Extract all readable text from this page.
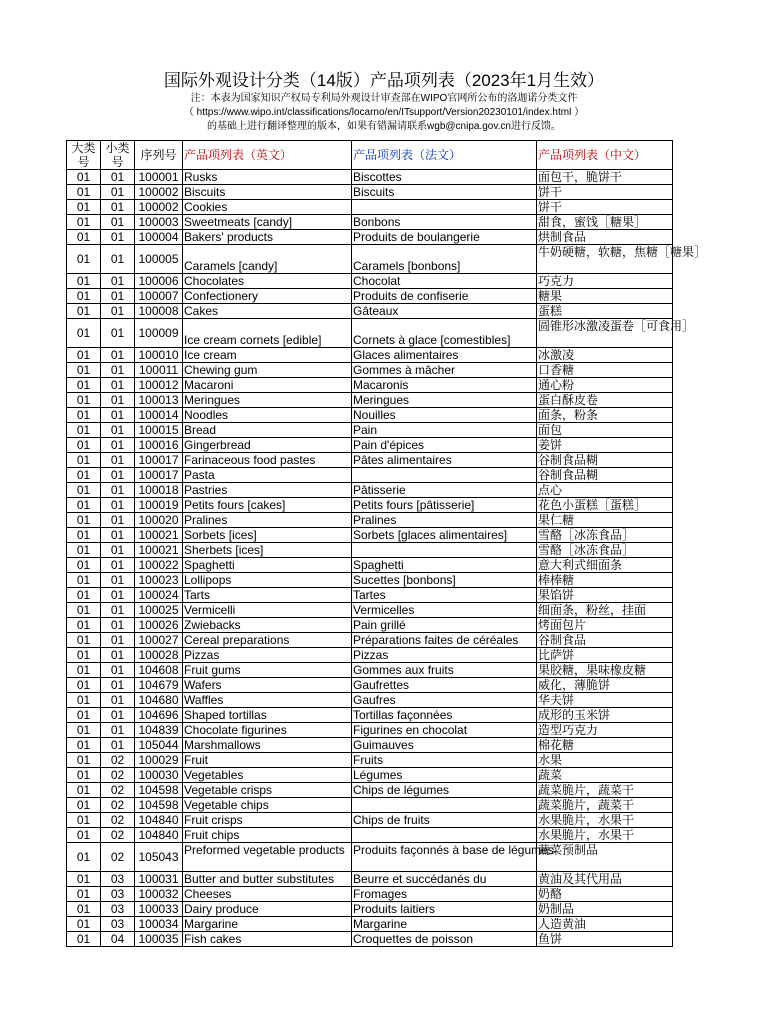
国际外观设计分类（14版）产品项列表（2023年1月生效）
注：本表为国家知识产权局专利局外观设计审查部在WIPO官网所公布的洛迦诺分类文件
（ https://www.wipo.int/classifications/locarno/en/ITsupport/Version20230101/index.html ）
的基础上进行翻译整理的版本，如果有错漏请联系wgb@cnipa.gov.cn进行反馈。
大类号	小类号	序列号	产品项列表（英文）	产品项列表（法文）	产品项列表（中文）
01	01	100001	Rusks	Biscottes	面包干，脆饼干
01	01	100002	Biscuits	Biscuits	饼干
01	01	100002	Cookies		饼干
01	01	100003	Sweetmeats [candy]	Bonbons	甜食，蜜饯［糖果］
01	01	100004	Bakers' products	Produits de boulangerie	烘制食品
01	01	100005	Caramels [candy]	Caramels [bonbons]	牛奶硬糖，软糖，焦糖［糖果］
01	01	100006	Chocolates	Chocolat	巧克力
01	01	100007	Confectionery	Produits de confiserie	糖果
01	01	100008	Cakes	Gâteaux	蛋糕
01	01	100009	Ice cream cornets [edible]	Cornets à glace [comestibles]	圆锥形冰激凌蛋卷［可食用］
01	01	100010	Ice cream	Glaces alimentaires	冰激凌
01	01	100011	Chewing gum	Gommes à mâcher	口香糖
01	01	100012	Macaroni	Macaronis	通心粉
01	01	100013	Meringues	Meringues	蛋白酥皮卷
01	01	100014	Noodles	Nouilles	面条，粉条
01	01	100015	Bread	Pain	面包
01	01	100016	Gingerbread	Pain d'épices	姜饼
01	01	100017	Farinaceous food pastes	Pâtes alimentaires	谷制食品糊
01	01	100017	Pasta		谷制食品糊
01	01	100018	Pastries	Pâtisserie	点心
01	01	100019	Petits fours [cakes]	Petits fours [pâtisserie]	花色小蛋糕［蛋糕］
01	01	100020	Pralines	Pralines	果仁糖
01	01	100021	Sorbets [ices]	Sorbets [glaces alimentaires]	雪酪［冰冻食品］
01	01	100021	Sherbets [ices]		雪酪［冰冻食品］
01	01	100022	Spaghetti	Spaghetti	意大利式细面条
01	01	100023	Lollipops	Sucettes [bonbons]	棒棒糖
01	01	100024	Tarts	Tartes	果馅饼
01	01	100025	Vermicelli	Vermicelles	细面条，粉丝，挂面
01	01	100026	Zwiebacks	Pain grillé	烤面包片
01	01	100027	Cereal preparations	Préparations faites de céréales	谷制食品
01	01	100028	Pizzas	Pizzas	比萨饼
01	01	104608	Fruit gums	Gommes aux fruits	果胶糖，果味橡皮糖
01	01	104679	Wafers	Gaufrettes	威化，薄脆饼
01	01	104680	Waffles	Gaufres	华夫饼
01	01	104696	Shaped tortillas	Tortillas façonnées	成形的玉米饼
01	01	104839	Chocolate figurines	Figurines en chocolat	造型巧克力
01	01	105044	Marshmallows	Guimauves	棉花糖
01	02	100029	Fruit	Fruits	水果
01	02	100030	Vegetables	Légumes	蔬菜
01	02	104598	Vegetable crisps	Chips de légumes	蔬菜脆片，蔬菜干
01	02	104598	Vegetable chips		蔬菜脆片，蔬菜干
01	02	104840	Fruit crisps	Chips de fruits	水果脆片，水果干
01	02	104840	Fruit chips		水果脆片，水果干
01	02	105043	Preformed vegetable products	Produits façonnés à base de légumes	蔬菜预制品
01	03	100031	Butter and butter substitutes	Beurre et succédanés du	黄油及其代用品
01	03	100032	Cheeses	Fromages	奶酪
01	03	100033	Dairy produce	Produits laitiers	奶制品
01	03	100034	Margarine	Margarine	人造黄油
01	04	100035	Fish cakes	Croquettes de poisson	鱼饼
